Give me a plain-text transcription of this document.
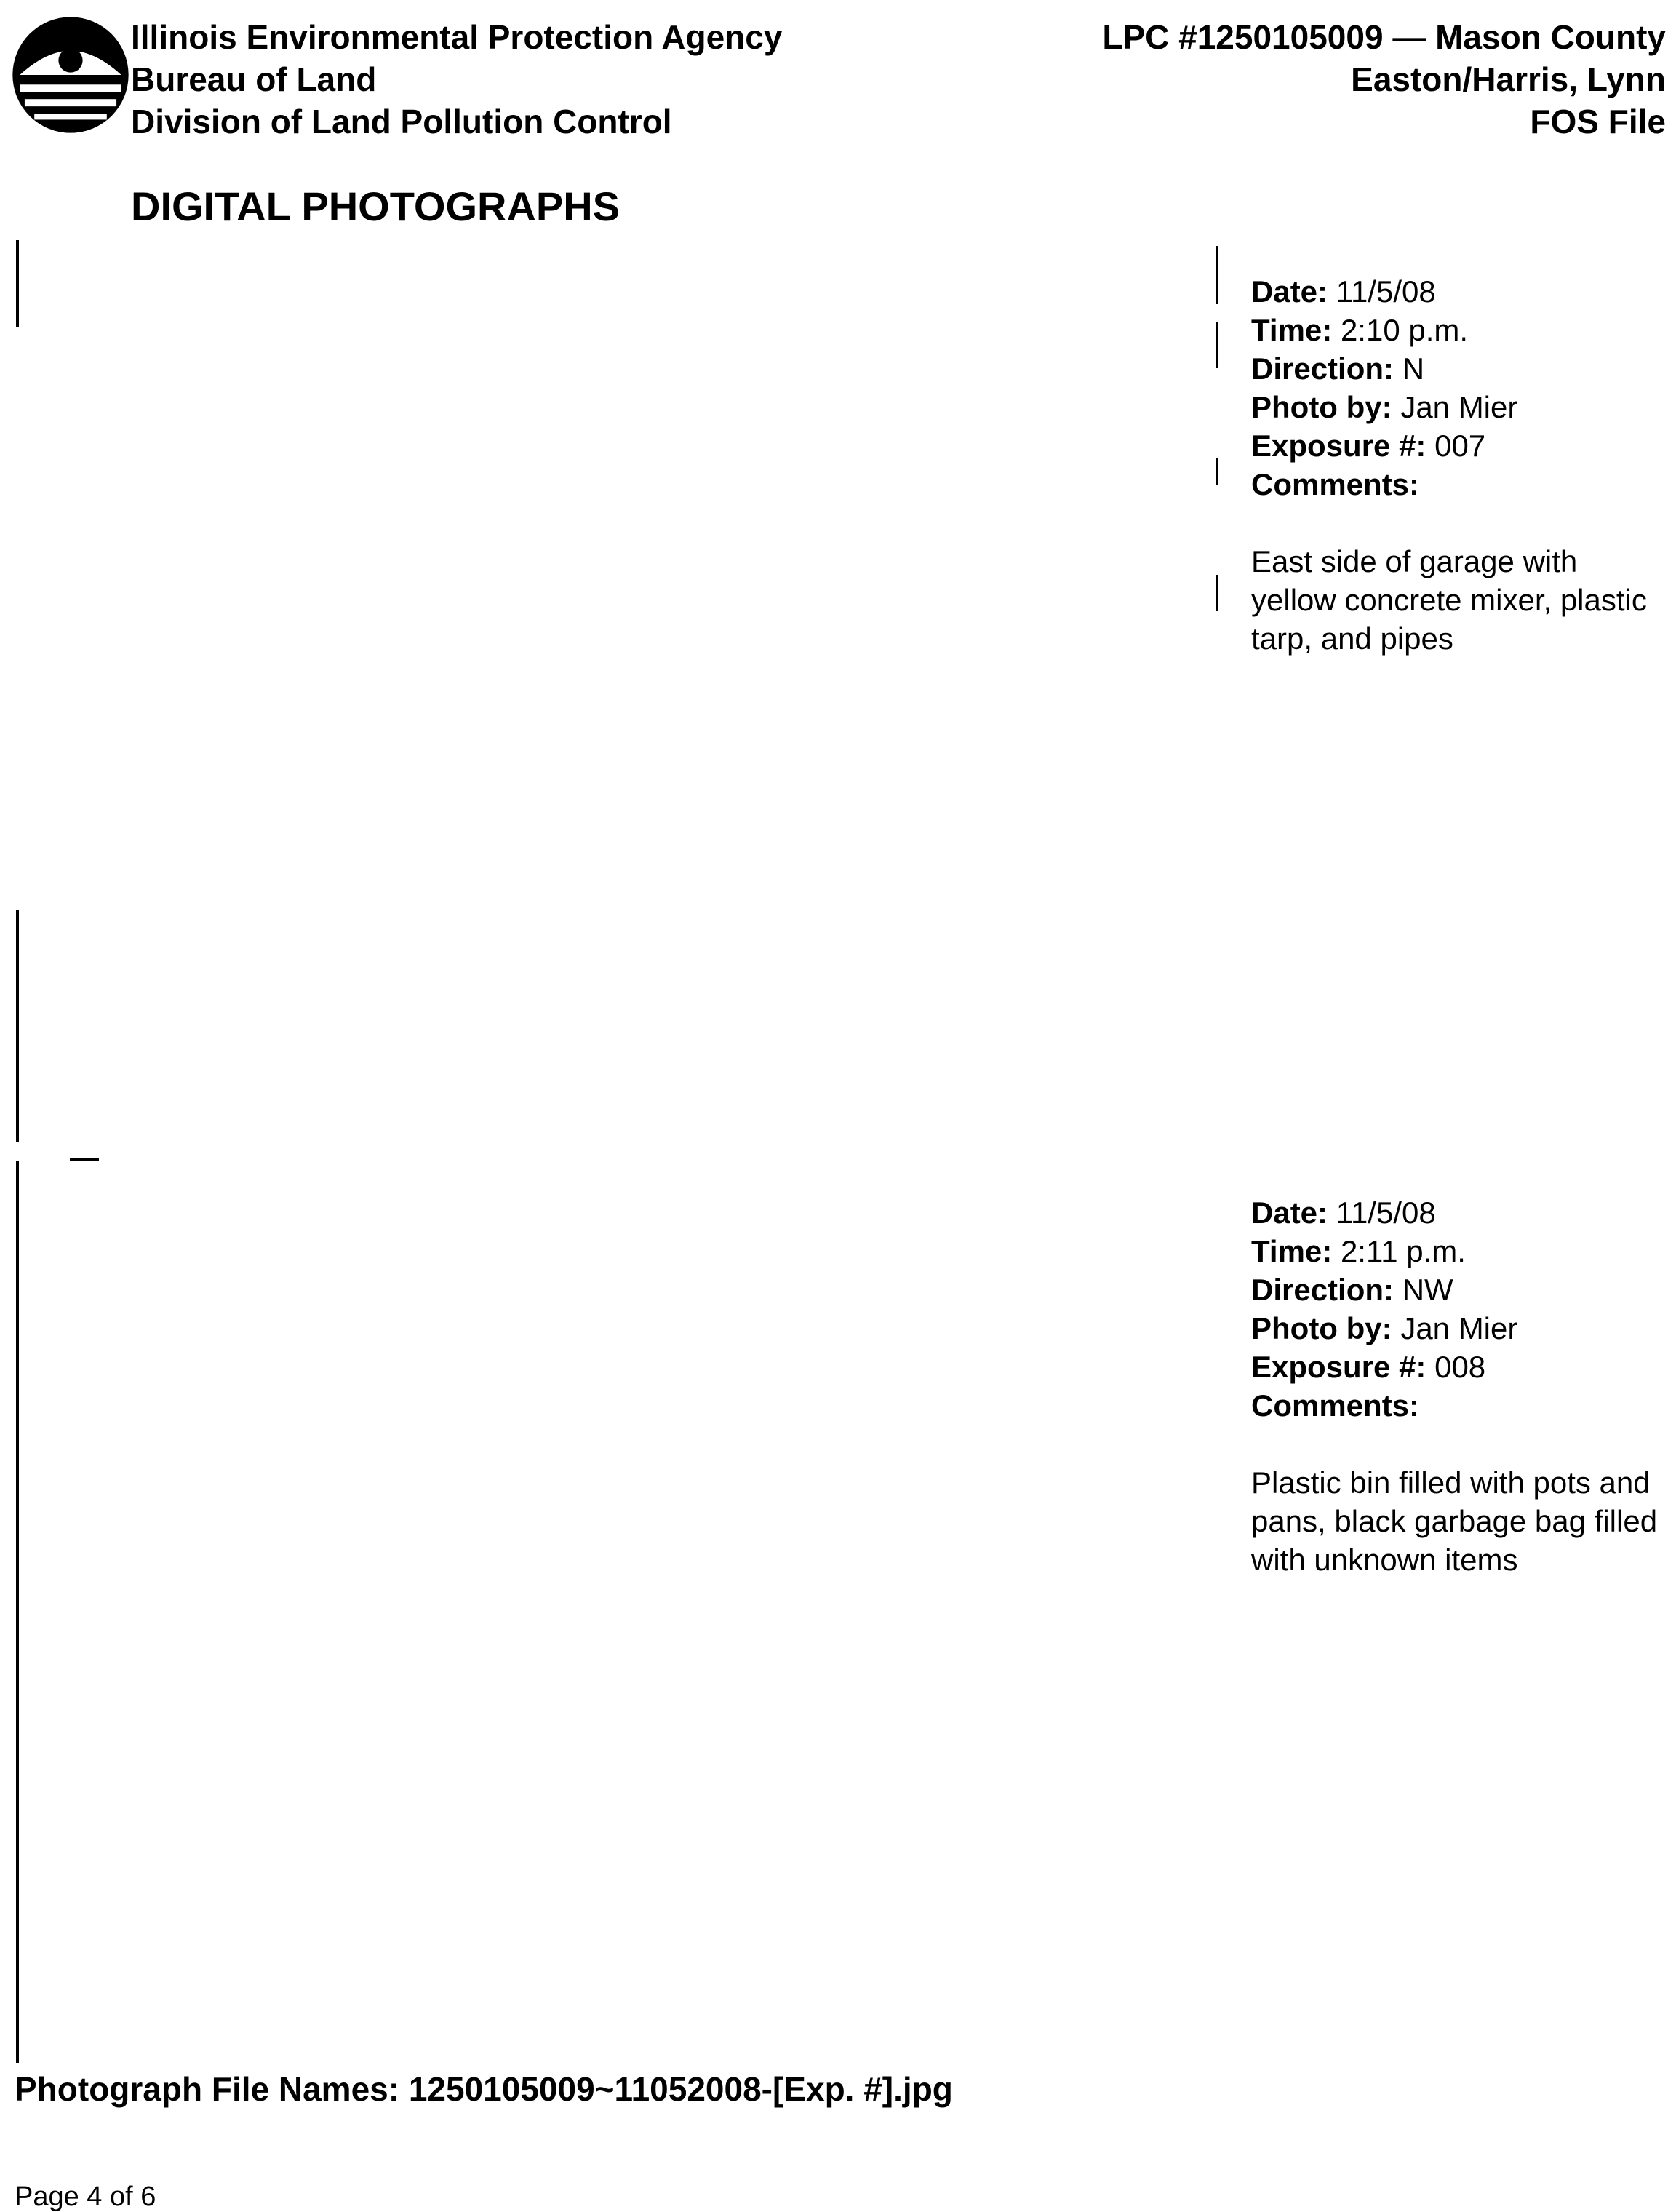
Illinois Environmental Protection Agency
Bureau of Land
Division of Land Pollution Control
LPC #1250105009 — Mason County
Easton/Harris, Lynn
FOS File
DIGITAL PHOTOGRAPHS
Date: 11/5/08
Time: 2:10 p.m.
Direction: N
Photo by: Jan Mier
Exposure #: 007
Comments:
East side of garage with yellow concrete mixer, plastic tarp, and pipes
Date: 11/5/08
Time: 2:11 p.m.
Direction: NW
Photo by: Jan Mier
Exposure #: 008
Comments:
Plastic bin filled with pots and pans, black garbage bag filled with unknown items
Photograph File Names: 1250105009~11052008-[Exp. #].jpg
Page 4 of 6
